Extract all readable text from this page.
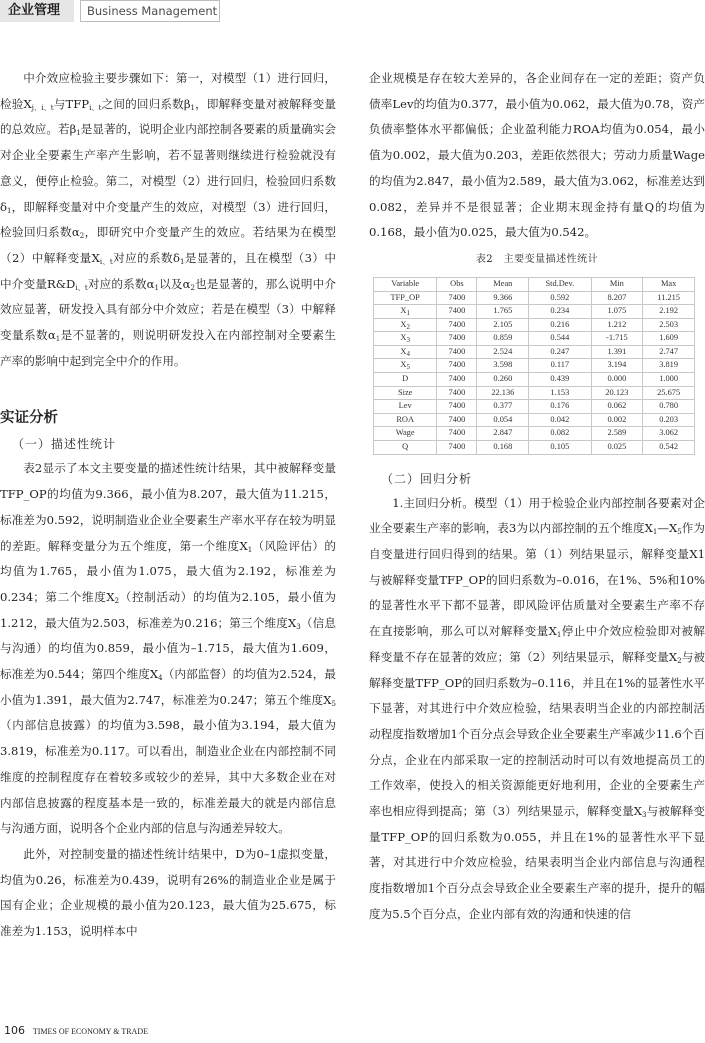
企业管理	Business Management

中介效应检验主要步骤如下：第一，对模型（1）进行回归，检验$X_{j、i、t}$与$TFP_{i、t}$之间的回归系数$\beta_1$，即解释变量对被解释变量的总效应。若$\beta_1$是显著的，说明企业内部控制各要素的质量确实会对企业全要素生产率产生影响，若不显著则继续进行检验就没有意义，便停止检验。第二，对模型（2）进行回归，检验回归系数$\delta_1$，即解释变量对中介变量产生的效应，对模型（3）进行回归，检验回归系数$\alpha_2$，即研究中介变量产生的效应。若结果为在模型（2）中解释变量$X_{i、t}$对应的系数$\delta_1$是显著的，且在模型（3）中中介变量$R\&D_{i、t}$对应的系数$\alpha_1$以及$\alpha_2$也是显著的，那么说明中介效应显著，研发投入具有部分中介效应；若是在模型（3）中解释变量系数$\alpha_1$是不显著的，则说明研发投入在内部控制对全要素生产率的影响中起到完全中介的作用。

实证分析
（一）描述性统计

表2显示了本文主要变量的描述性统计结果，其中被解释变量TFP_OP的均值为9.366，最小值为8.207，最大值为11.215，标准差为0.592，说明制造业企业全要素生产率水平存在较为明显的差距。解释变量分为五个维度，第一个维度$X_1$（风险评估）的均值为1.765，最小值为1.075，最大值为2.192，标准差为0.234；第二个维度$X_2$（控制活动）的均值为2.105，最小值为1.212，最大值为2.503，标准差为0.216；第三个维度$X_3$（信息与沟通）的均值为0.859，最小值为–1.715，最大值为1.609，标准差为0.544；第四个维度$X_4$（内部监督）的均值为2.524，最小值为1.391，最大值为2.747，标准差为0.247；第五个维度$X_5$（内部信息披露）的均值为3.598，最小值为3.194，最大值为3.819，标准差为0.117。可以看出，制造业企业在内部控制不同维度的控制程度存在着较多或较少的差异，其中大多数企业在对内部信息披露的程度基本是一致的，标准差最大的就是内部信息与沟通方面，说明各个企业内部的信息与沟通差异较大。

此外，对控制变量的描述性统计结果中，D为0–1虚拟变量，均值为0.26，标准差为0.439，说明有26%的制造业企业是属于国有企业；企业规模的最小值为20.123，最大值为25.675，标准差为1.153，说明样本中

企业规模是存在较大差异的，各企业间存在一定的差距；资产负债率Lev的均值为0.377，最小值为0.062，最大值为0.78，资产负债率整体水平都偏低；企业盈利能力ROA均值为0.054，最小值为0.002，最大值为0.203，差距依然很大；劳动力质量Wage的均值为2.847，最小值为2.589，最大值为3.062，标准差达到0.082，差异并不是很显著；企业期末现金持有量Q的均值为0.168，最小值为0.025，最大值为0.542。

表2　主要变量描述性统计
Variable	Obs	Mean	Std.Dev.	Min	Max
TFP_OP	7400	9.366	0.592	8.207	11.215
$X_1$	7400	1.765	0.234	1.075	2.192
$X_2$	7400	2.105	0.216	1.212	2.503
$X_3$	7400	0.859	0.544	-1.715	1.609
$X_4$	7400	2.524	0.247	1.391	2.747
$X_5$	7400	3.598	0.117	3.194	3.819
D	7400	0.260	0.439	0.000	1.000
Size	7400	22.136	1.153	20.123	25.675
Lev	7400	0.377	0.176	0.062	0.780
ROA	7400	0.054	0.042	0.002	0.203
Wage	7400	2.847	0.082	2.589	3.062
Q	7400	0.168	0.105	0.025	0.542
（二）回归分析

1.主回归分析。模型（1）用于检验企业内部控制各要素对企业全要素生产率的影响，表3为以内部控制的五个维度$X_1—X_5$作为自变量进行回归得到的结果。第（1）列结果显示，解释变量X1与被解释变量TFP_OP的回归系数为–0.016，在1%、5%和10%的显著性水平下都不显著，即风险评估质量对全要素生产率不存在直接影响，那么可以对解释变量$X_1$停止中介效应检验即对被解释变量不存在显著的效应；第（2）列结果显示，解释变量$X_2$与被解释变量TFP_OP的回归系数为–0.116，并且在1%的显著性水平下显著，对其进行中介效应检验，结果表明当企业的内部控制活动程度指数增加1个百分点会导致企业全要素生产率减少11.6个百分点，企业在内部采取一定的控制活动时可以有效地提高员工的工作效率，使投入的相关资源能更好地利用，企业的全要素生产率也相应得到提高；第（3）列结果显示，解释变量$X_3$与被解释变量TFP_OP的回归系数为0.055，并且在1%的显著性水平下显著，对其进行中介效应检验，结果表明当企业内部信息与沟通程度指数增加1个百分点会导致企业全要素生产率的提升，提升的幅度为5.5个百分点，企业内部有效的沟通和快速的信

106 TIMES OF ECONOMY & TRADE
